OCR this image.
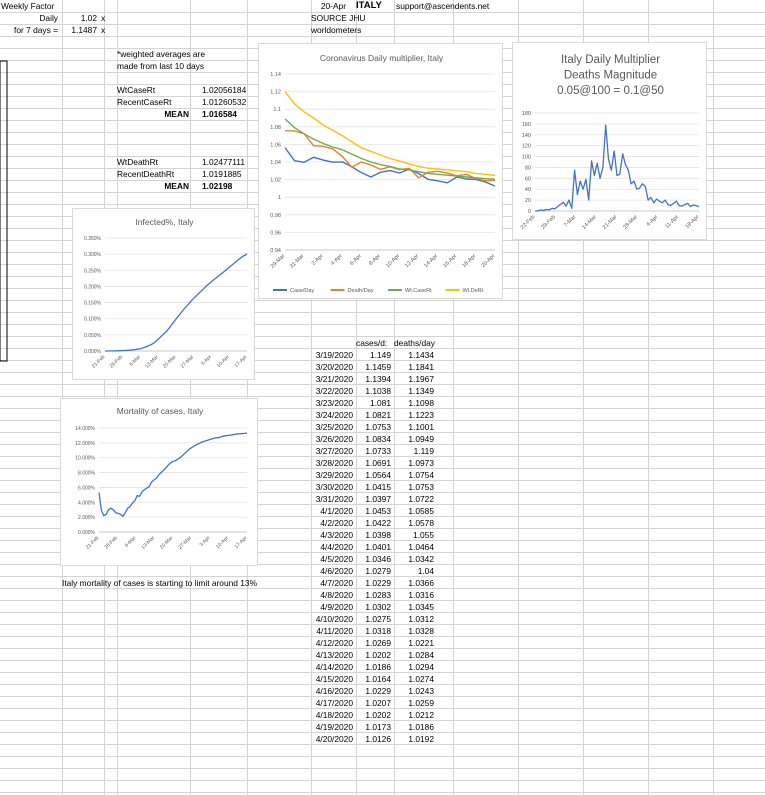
Weekly Factor
Daily	1.02 x
for 7 days =	1.1487 x
20-Apr ITALY support@ascendents.net
SOURCE JHU
worldometers
*weighted averages are
made from last 10 days
WtCaseRt	1.02056184
RecentCaseRt	1.01260532
MEAN 1.016584
WtDeathRt	1.02477111
RecentDeathRt	1.0191885
MEAN 1.02198
Italy mortality of cases is starting to limit around 13%
cases/d: deaths/day
3/19/2020	1.149	1.1434
3/20/2020	1.1459	1.1841
3/21/2020	1.1394	1.1967
3/22/2020	1.1038	1.1349
3/23/2020	1.081	1.1098
3/24/2020	1.0821	1.1223
3/25/2020	1.0753	1.1001
3/26/2020	1.0834	1.0949
3/27/2020	1.0733	1.119
3/28/2020	1.0691	1.0973
3/29/2020	1.0564	1.0754
3/30/2020	1.0415	1.0753
3/31/2020	1.0397	1.0722
4/1/2020	1.0453	1.0585
4/2/2020	1.0422	1.0578
4/3/2020	1.0398	1.055
4/4/2020	1.0401	1.0464
4/5/2020	1.0346	1.0342
4/6/2020	1.0279	1.04
4/7/2020	1.0229	1.0366
4/8/2020	1.0283	1.0316
4/9/2020	1.0302	1.0345
4/10/2020	1.0275	1.0312
4/11/2020	1.0318	1.0328
4/12/2020	1.0269	1.0221
4/13/2020	1.0202	1.0284
4/14/2020	1.0186	1.0294
4/15/2020	1.0164	1.0274
4/16/2020	1.0229	1.0243
4/17/2020	1.0207	1.0259
4/18/2020	1.0202	1.0212
4/19/2020	1.0173	1.0186
4/20/2020	1.0126	1.0192
Coronavirus Daily multiplier, Italy
0.94
0.96
0.98
1
1.02
1.04
1.06
1.08
1.1
1.12
1.14
29-Mar 31-Mar 2-Apr 4-Apr 6-Apr 8-Apr 10-Apr 12-Apr 14-Apr 16-Apr 18-Apr 20-Apr
Case/Day	Death/Day	Wt.CaseRt	Wt.DeRt
Italy Daily Multiplier
Deaths Magnitude
0.05@100 = 0.1@50
0
20
40
60
80
100
120
140
160
180
22-Feb 29-Feb 7-Mar 14-Mar 21-Mar 28-Mar 4-Apr 11-Apr 18-Apr
Infected%, Italy
0.000%
0.050%
0.100%
0.150%
0.200%
0.250%
0.300%
0.350%
21-Feb 28-Feb 6-Mar 13-Mar 20-Mar 27-Mar 3-Apr 10-Apr 17-Apr
Mortality of cases, Italy
0.000%
2.000%
4.000%
6.000%
8.000%
10.000%
12.000%
14.000%
21-Feb 28-Feb 6-Mar 13-Mar 20-Mar 27-Mar 3-Apr 10-Apr 17-Apr
